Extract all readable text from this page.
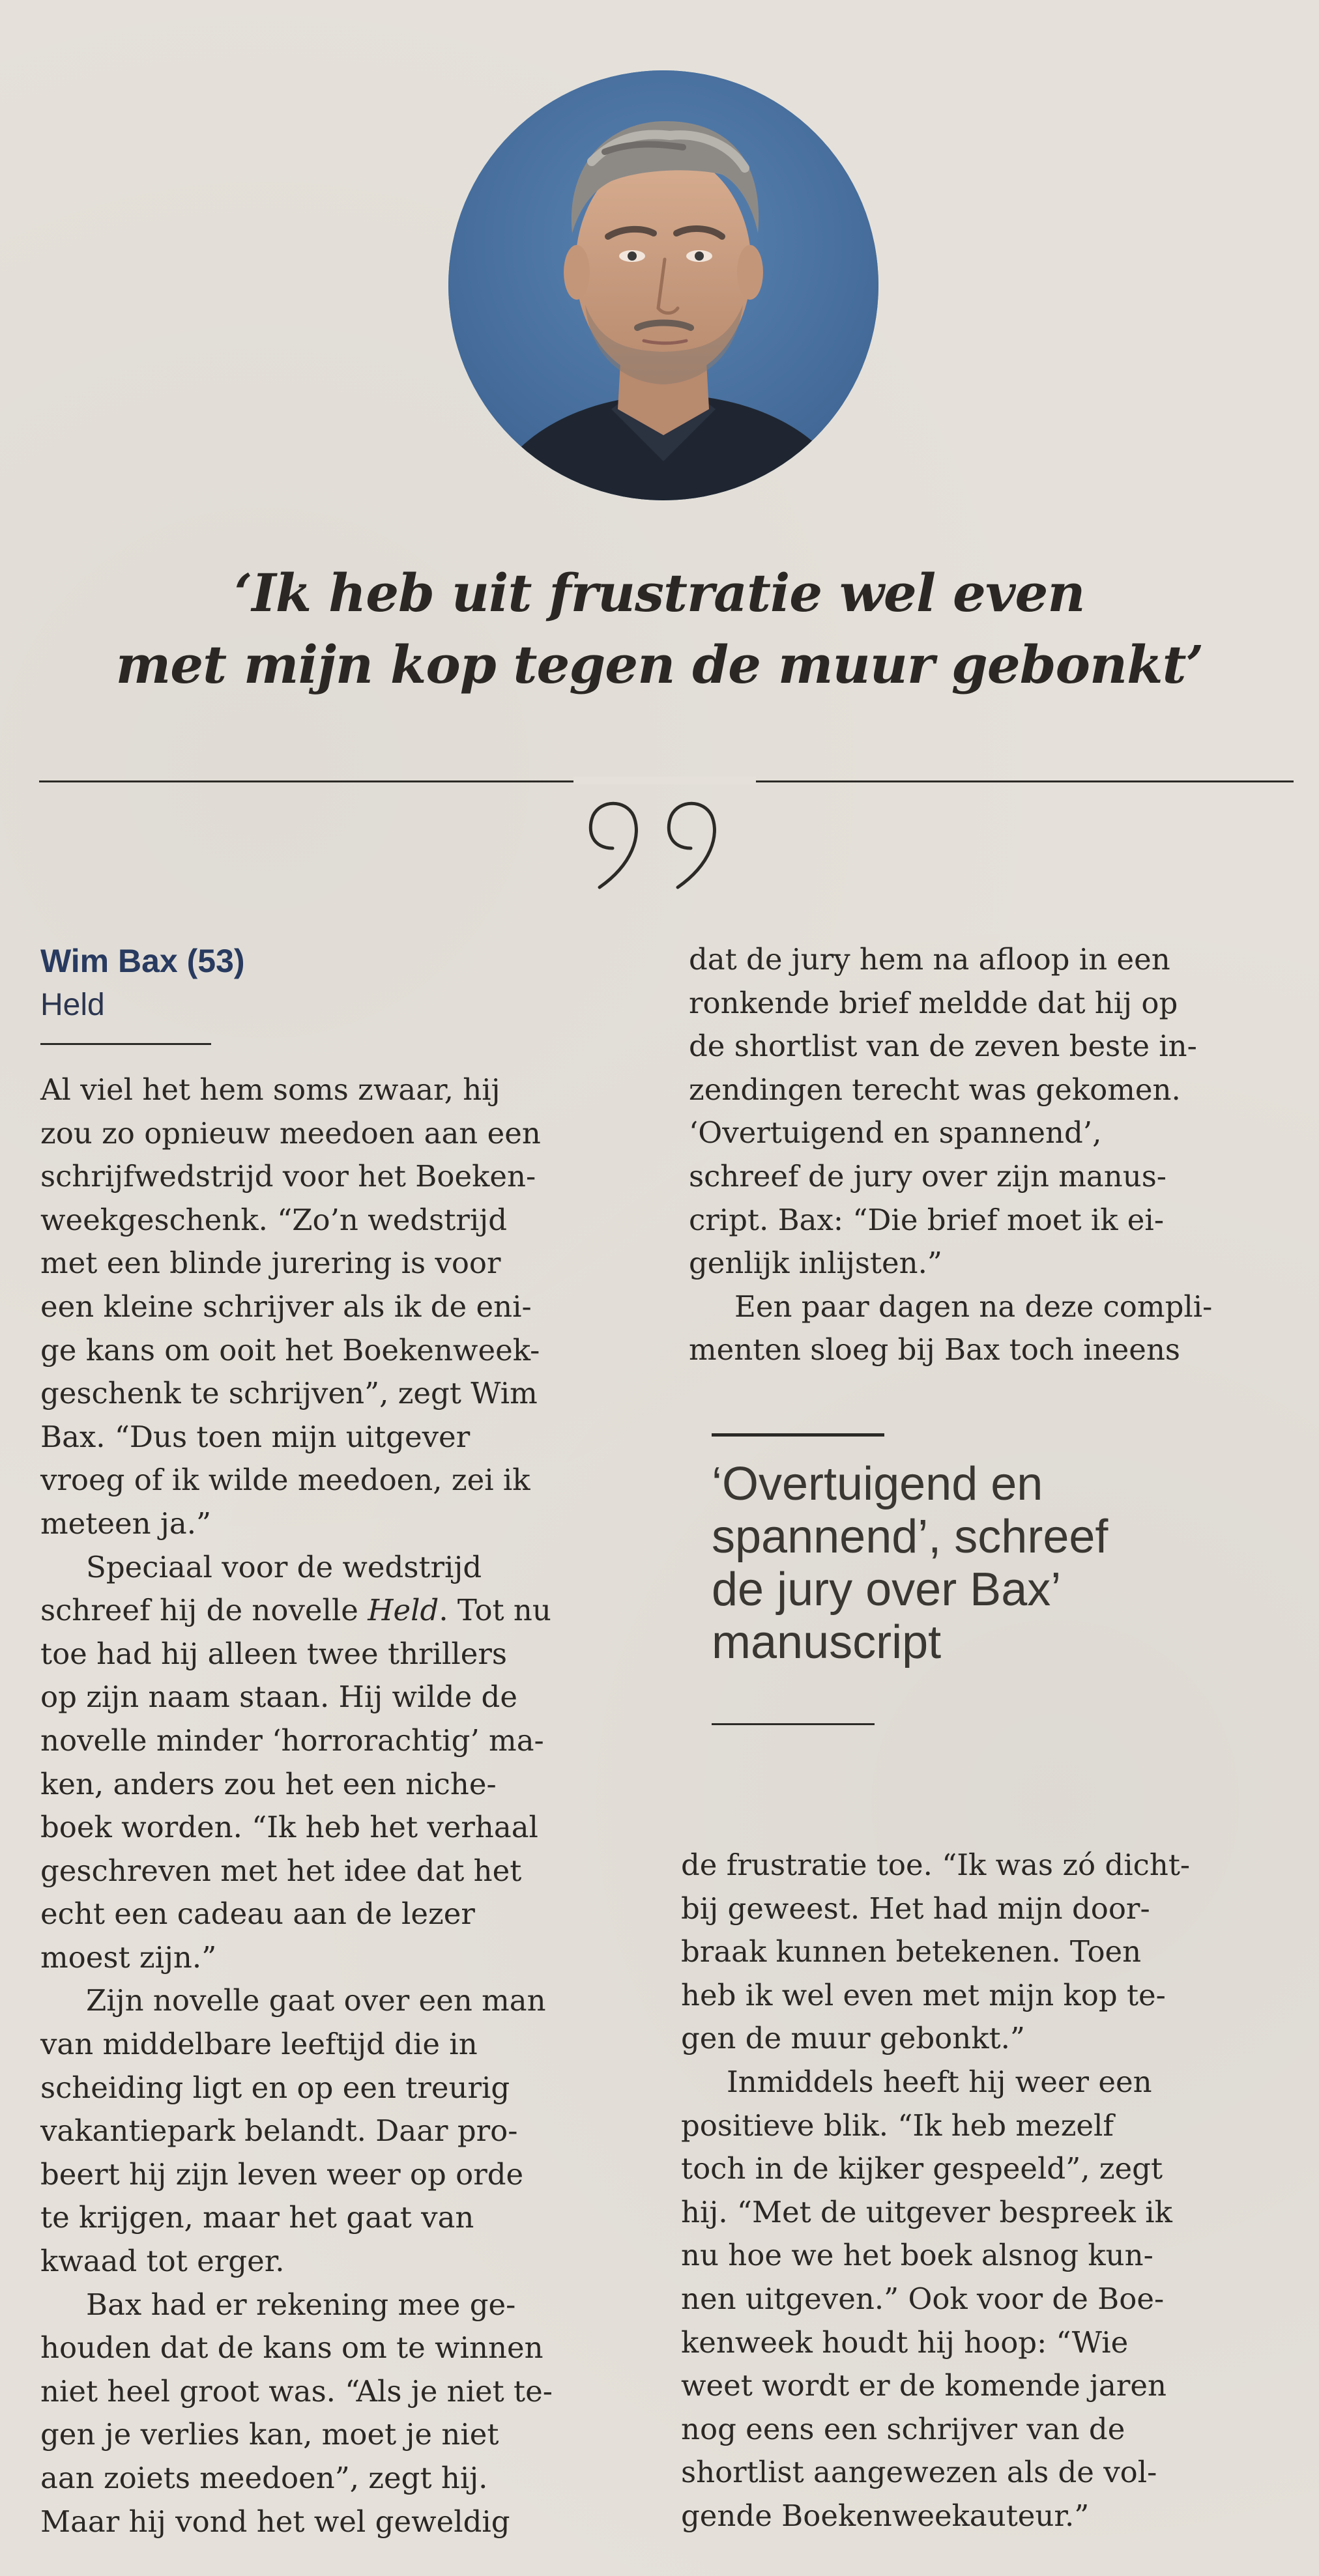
‘Ik heb uit frustratie wel even
met mijn kop tegen de muur gebonkt’
Wim Bax (53)
Held
Al viel het hem soms zwaar, hij
zou zo opnieuw meedoen aan een
schrijfwedstrijd voor het Boeken-
weekgeschenk. “Zo’n wedstrijd
met een blinde jurering is voor
een kleine schrijver als ik de eni-
ge kans om ooit het Boekenweek-
geschenk te schrijven”, zegt Wim
Bax. “Dus toen mijn uitgever
vroeg of ik wilde meedoen, zei ik
meteen ja.”
Speciaal voor de wedstrijd
schreef hij de novelle Held. Tot nu
toe had hij alleen twee thrillers
op zijn naam staan. Hij wilde de
novelle minder ‘horrorachtig’ ma-
ken, anders zou het een niche-
boek worden. “Ik heb het verhaal
geschreven met het idee dat het
echt een cadeau aan de lezer
moest zijn.”
Zijn novelle gaat over een man
van middelbare leeftijd die in
scheiding ligt en op een treurig
vakantiepark belandt. Daar pro-
beert hij zijn leven weer op orde
te krijgen, maar het gaat van
kwaad tot erger.
Bax had er rekening mee ge-
houden dat de kans om te winnen
niet heel groot was. “Als je niet te-
gen je verlies kan, moet je niet
aan zoiets meedoen”, zegt hij.
Maar hij vond het wel geweldig
dat de jury hem na afloop in een
ronkende brief meldde dat hij op
de shortlist van de zeven beste in-
zendingen terecht was gekomen.
‘Overtuigend en spannend’,
schreef de jury over zijn manus-
cript. Bax: “Die brief moet ik ei-
genlijk inlijsten.”
Een paar dagen na deze compli-
menten sloeg bij Bax toch ineens
‘Overtuigend en
spannend’, schreef
de jury over Bax’
manuscript
de frustratie toe. “Ik was zó dicht-
bij geweest. Het had mijn door-
braak kunnen betekenen. Toen
heb ik wel even met mijn kop te-
gen de muur gebonkt.”
Inmiddels heeft hij weer een
positieve blik. “Ik heb mezelf
toch in de kijker gespeeld”, zegt
hij. “Met de uitgever bespreek ik
nu hoe we het boek alsnog kun-
nen uitgeven.” Ook voor de Boe-
kenweek houdt hij hoop: “Wie
weet wordt er de komende jaren
nog eens een schrijver van de
shortlist aangewezen als de vol-
gende Boekenweekauteur.”
